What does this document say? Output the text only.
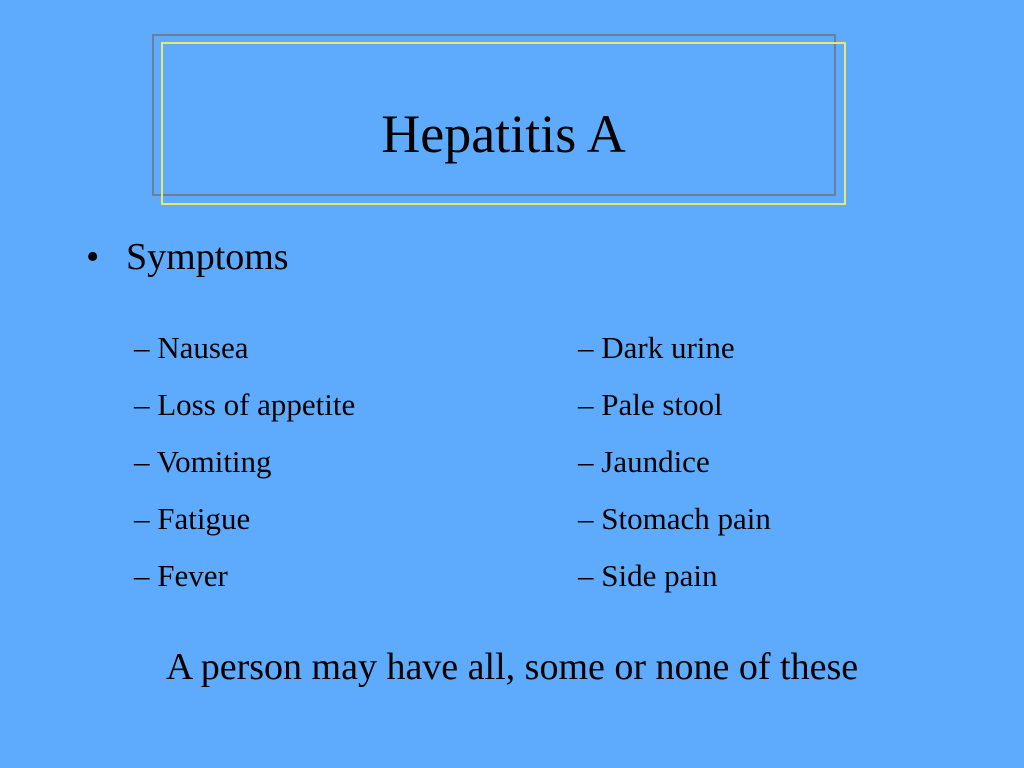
Hepatitis A
• Symptoms
– Nausea
– Loss of appetite
– Vomiting
– Fatigue
– Fever
– Dark urine
– Pale stool
– Jaundice
– Stomach pain
– Side pain

A person may have all, some or none of these
